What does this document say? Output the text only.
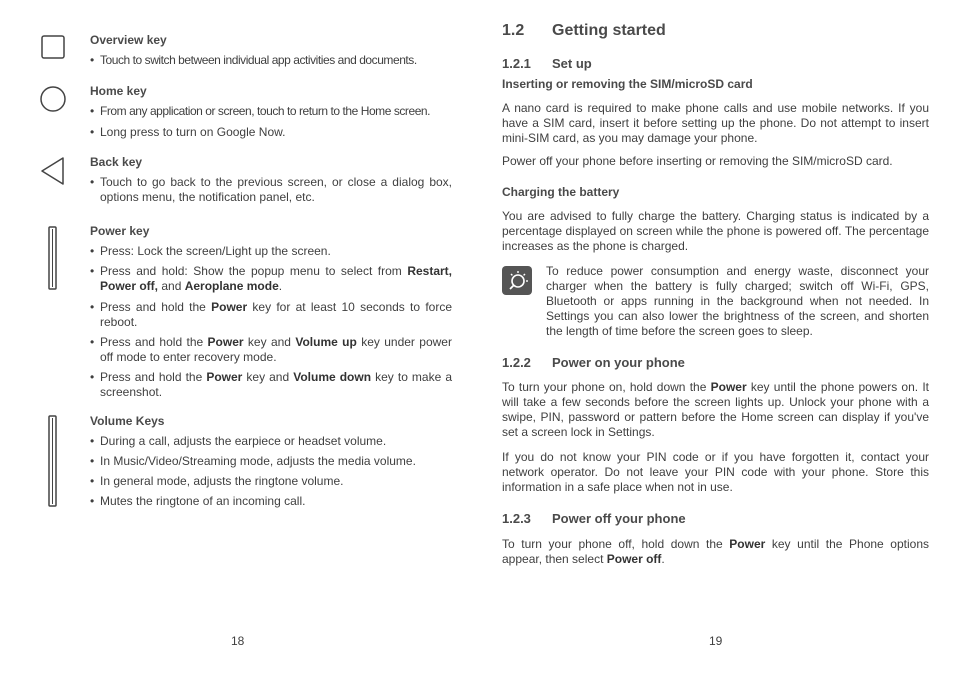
Overview key
• Touch to switch between individual app activities and documents.
Home key
• From any application or screen, touch to return to the Home screen.
• Long press to turn on Google Now.
Back key
• Touch to go back to the previous screen, or close a dialog box, options menu, the notification panel, etc.
Power key
• Press: Lock the screen/Light up the screen.
• Press and hold: Show the popup menu to select from Restart, Power off, and Aeroplane mode.
• Press and hold the Power key for at least 10 seconds to force reboot.
• Press and hold the Power key and Volume up key under power off mode to enter recovery mode.
• Press and hold the Power key and Volume down key to make a screenshot.
Volume Keys
• During a call, adjusts the earpiece or headset volume.
• In Music/Video/Streaming mode, adjusts the media volume.
• In general mode, adjusts the ringtone volume.
• Mutes the ringtone of an incoming call.
18
1.2 Getting started
1.2.1 Set up
Inserting or removing the SIM/microSD card

A nano card is required to make phone calls and use mobile networks. If you have a SIM card, insert it before setting up the phone. Do not attempt to insert mini-SIM card, as you may damage your phone.

Power off your phone before inserting or removing the SIM/microSD card.

Charging the battery

You are advised to fully charge the battery. Charging status is indicated by a percentage displayed on screen while the phone is powered off. The percentage increases as the phone is charged.

To reduce power consumption and energy waste, disconnect your charger when the battery is fully charged; switch off Wi-Fi, GPS, Bluetooth or apps running in the background when not needed. In Settings you can also lower the brightness of the screen, and shorten the length of time before the screen goes to sleep.

1.2.2 Power on your phone

To turn your phone on, hold down the Power key until the phone powers on. It will take a few seconds before the screen lights up. Unlock your phone with a swipe, PIN, password or pattern before the Home screen can display if you've set a screen lock in Settings.

If you do not know your PIN code or if you have forgotten it, contact your network operator. Do not leave your PIN code with your phone. Store this information in a safe place when not in use.

1.2.3 Power off your phone

To turn your phone off, hold down the Power key until the Phone options appear, then select Power off.

19
